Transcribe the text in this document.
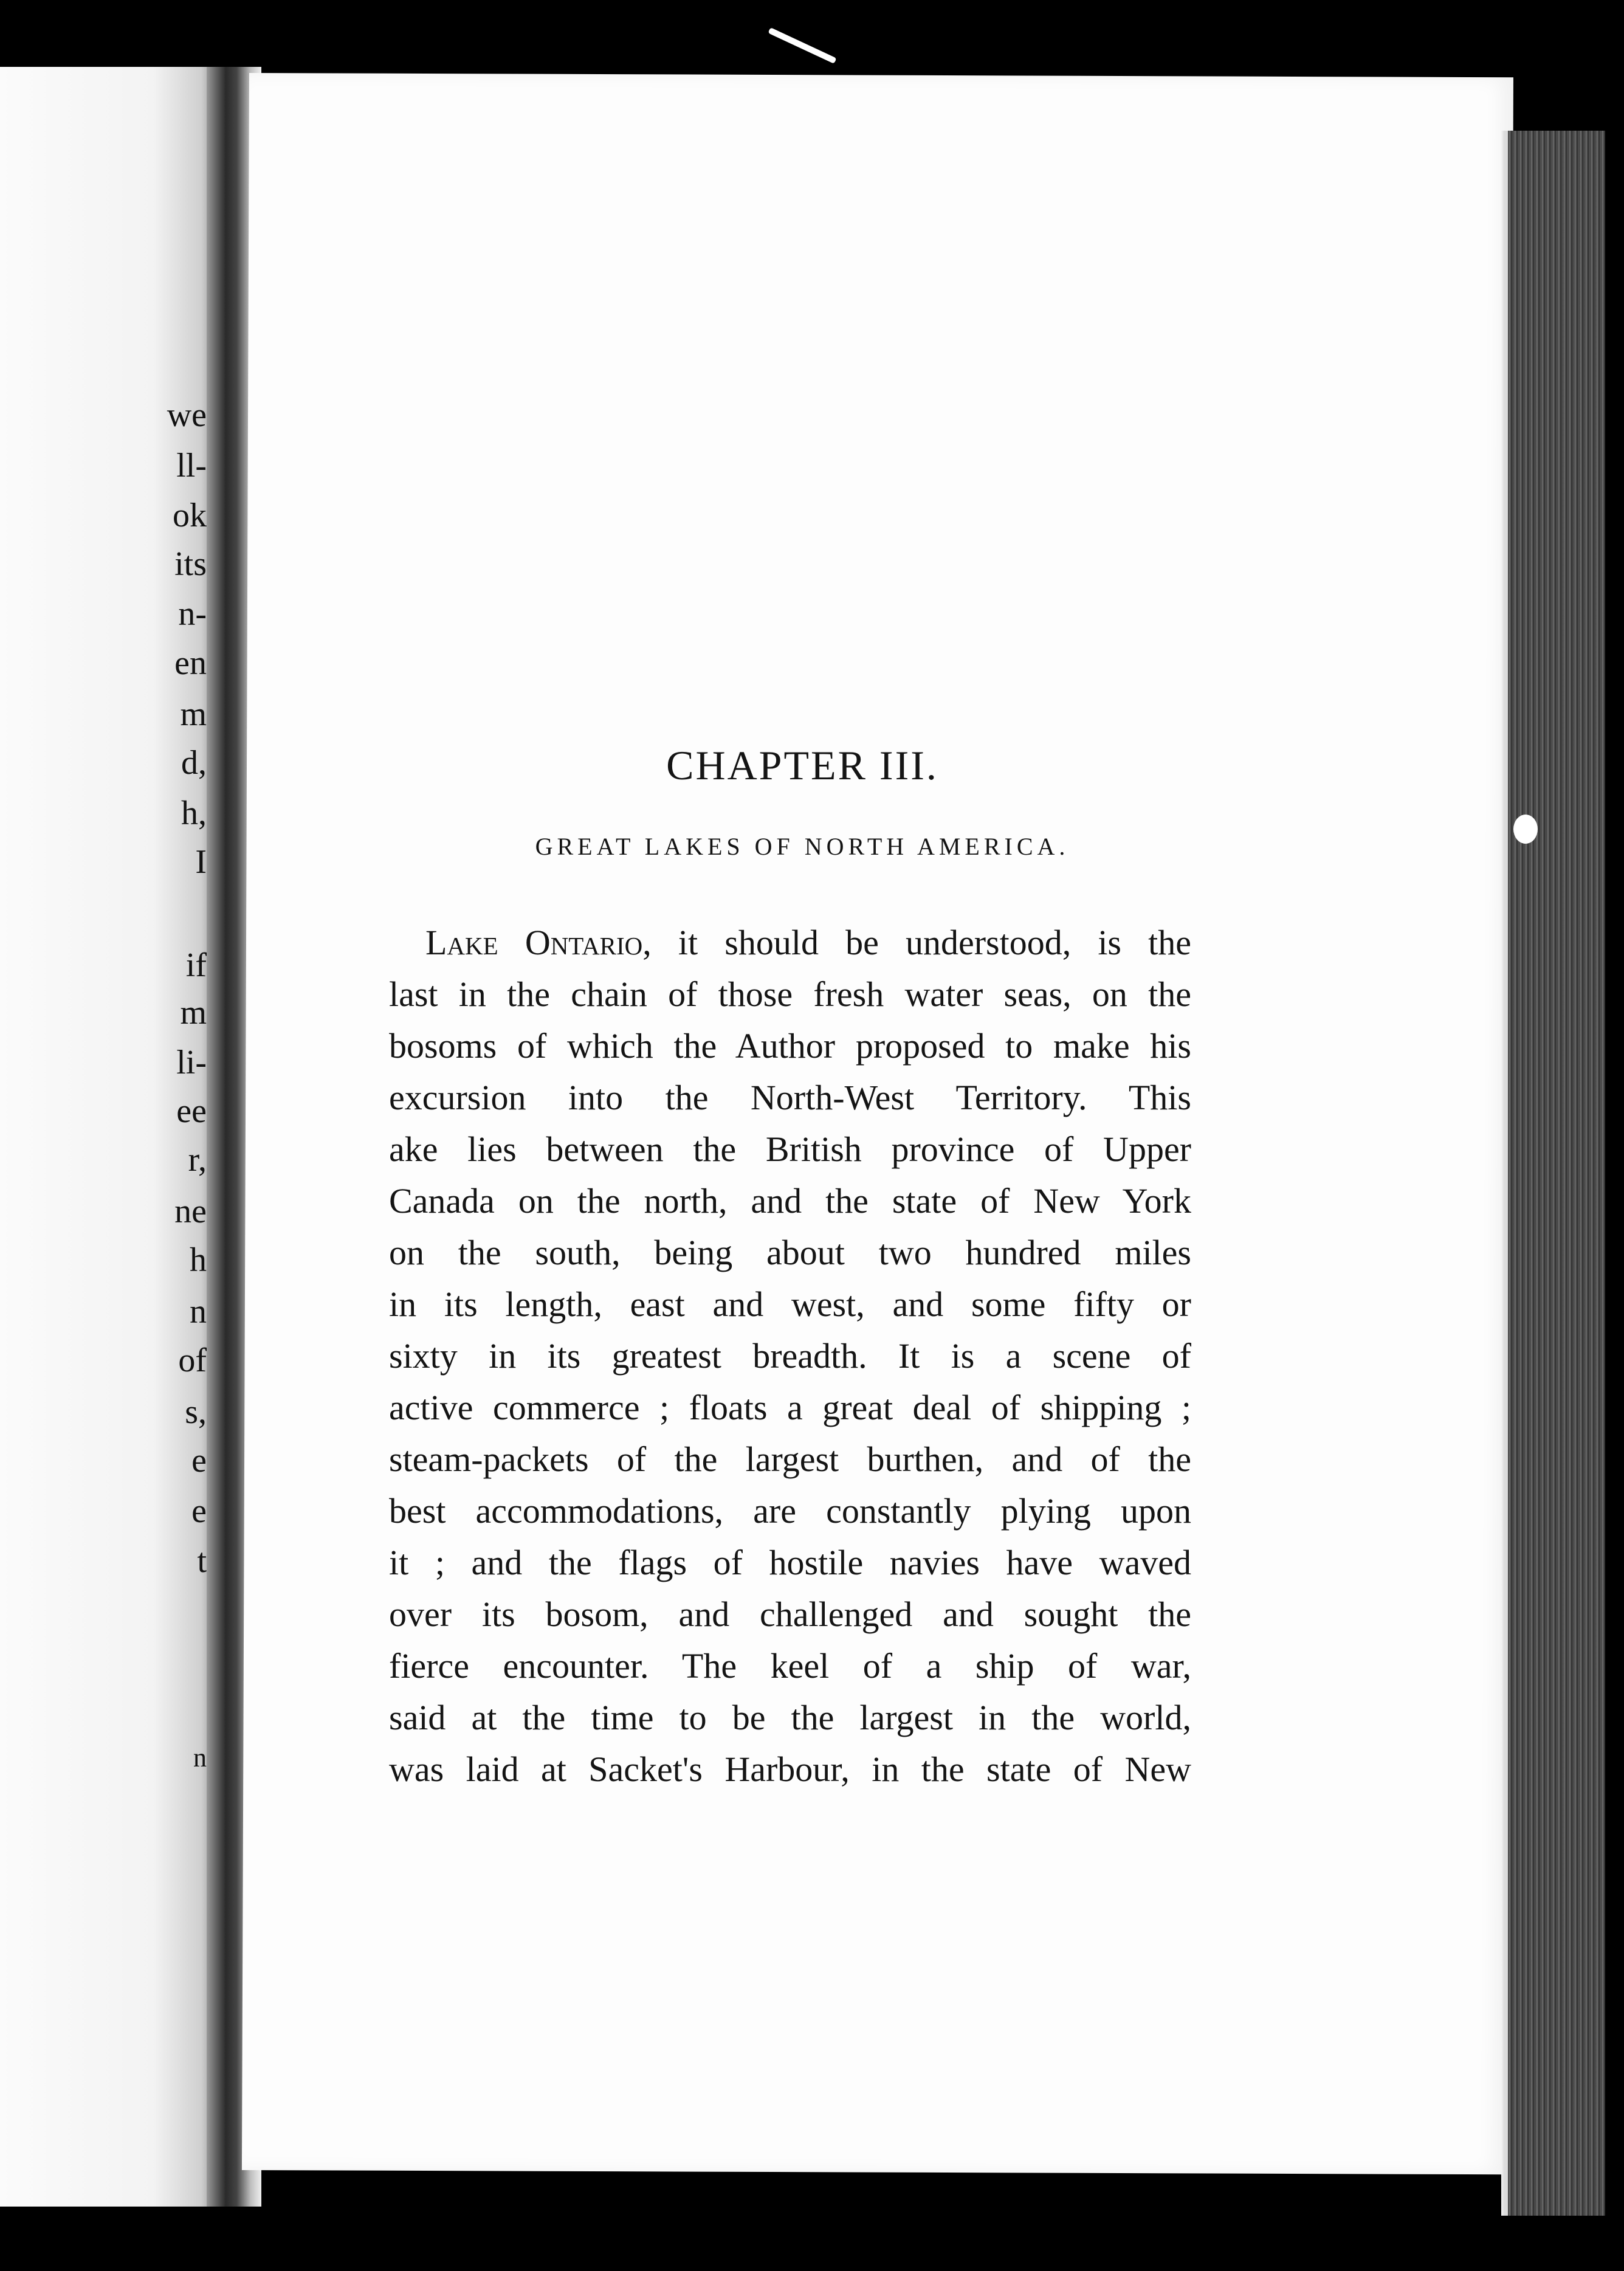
we
ll-
ok
its
n-
en
m
d,
h,
I
if
m
li-
ee
r,
ne
h
n
of
s,
e
e
t
n
CHAPTER III.
GREAT LAKES OF NORTH AMERICA.
Lake Ontario, it should be understood, is the
last in the chain of those fresh water seas, on the
bosoms of which the Author proposed to make his
excursion into the North-West Territory. This
ake lies between the British province of Upper
Canada on the north, and the state of New York
on the south, being about two hundred miles
in its length, east and west, and some fifty or
sixty in its greatest breadth. It is a scene of
active commerce ; floats a great deal of shipping ;
steam-packets of the largest burthen, and of the
best accommodations, are constantly plying upon
it ; and the flags of hostile navies have waved
over its bosom, and challenged and sought the
fierce encounter. The keel of a ship of war,
said at the time to be the largest in the world,
was laid at Sacket's Harbour, in the state of New
